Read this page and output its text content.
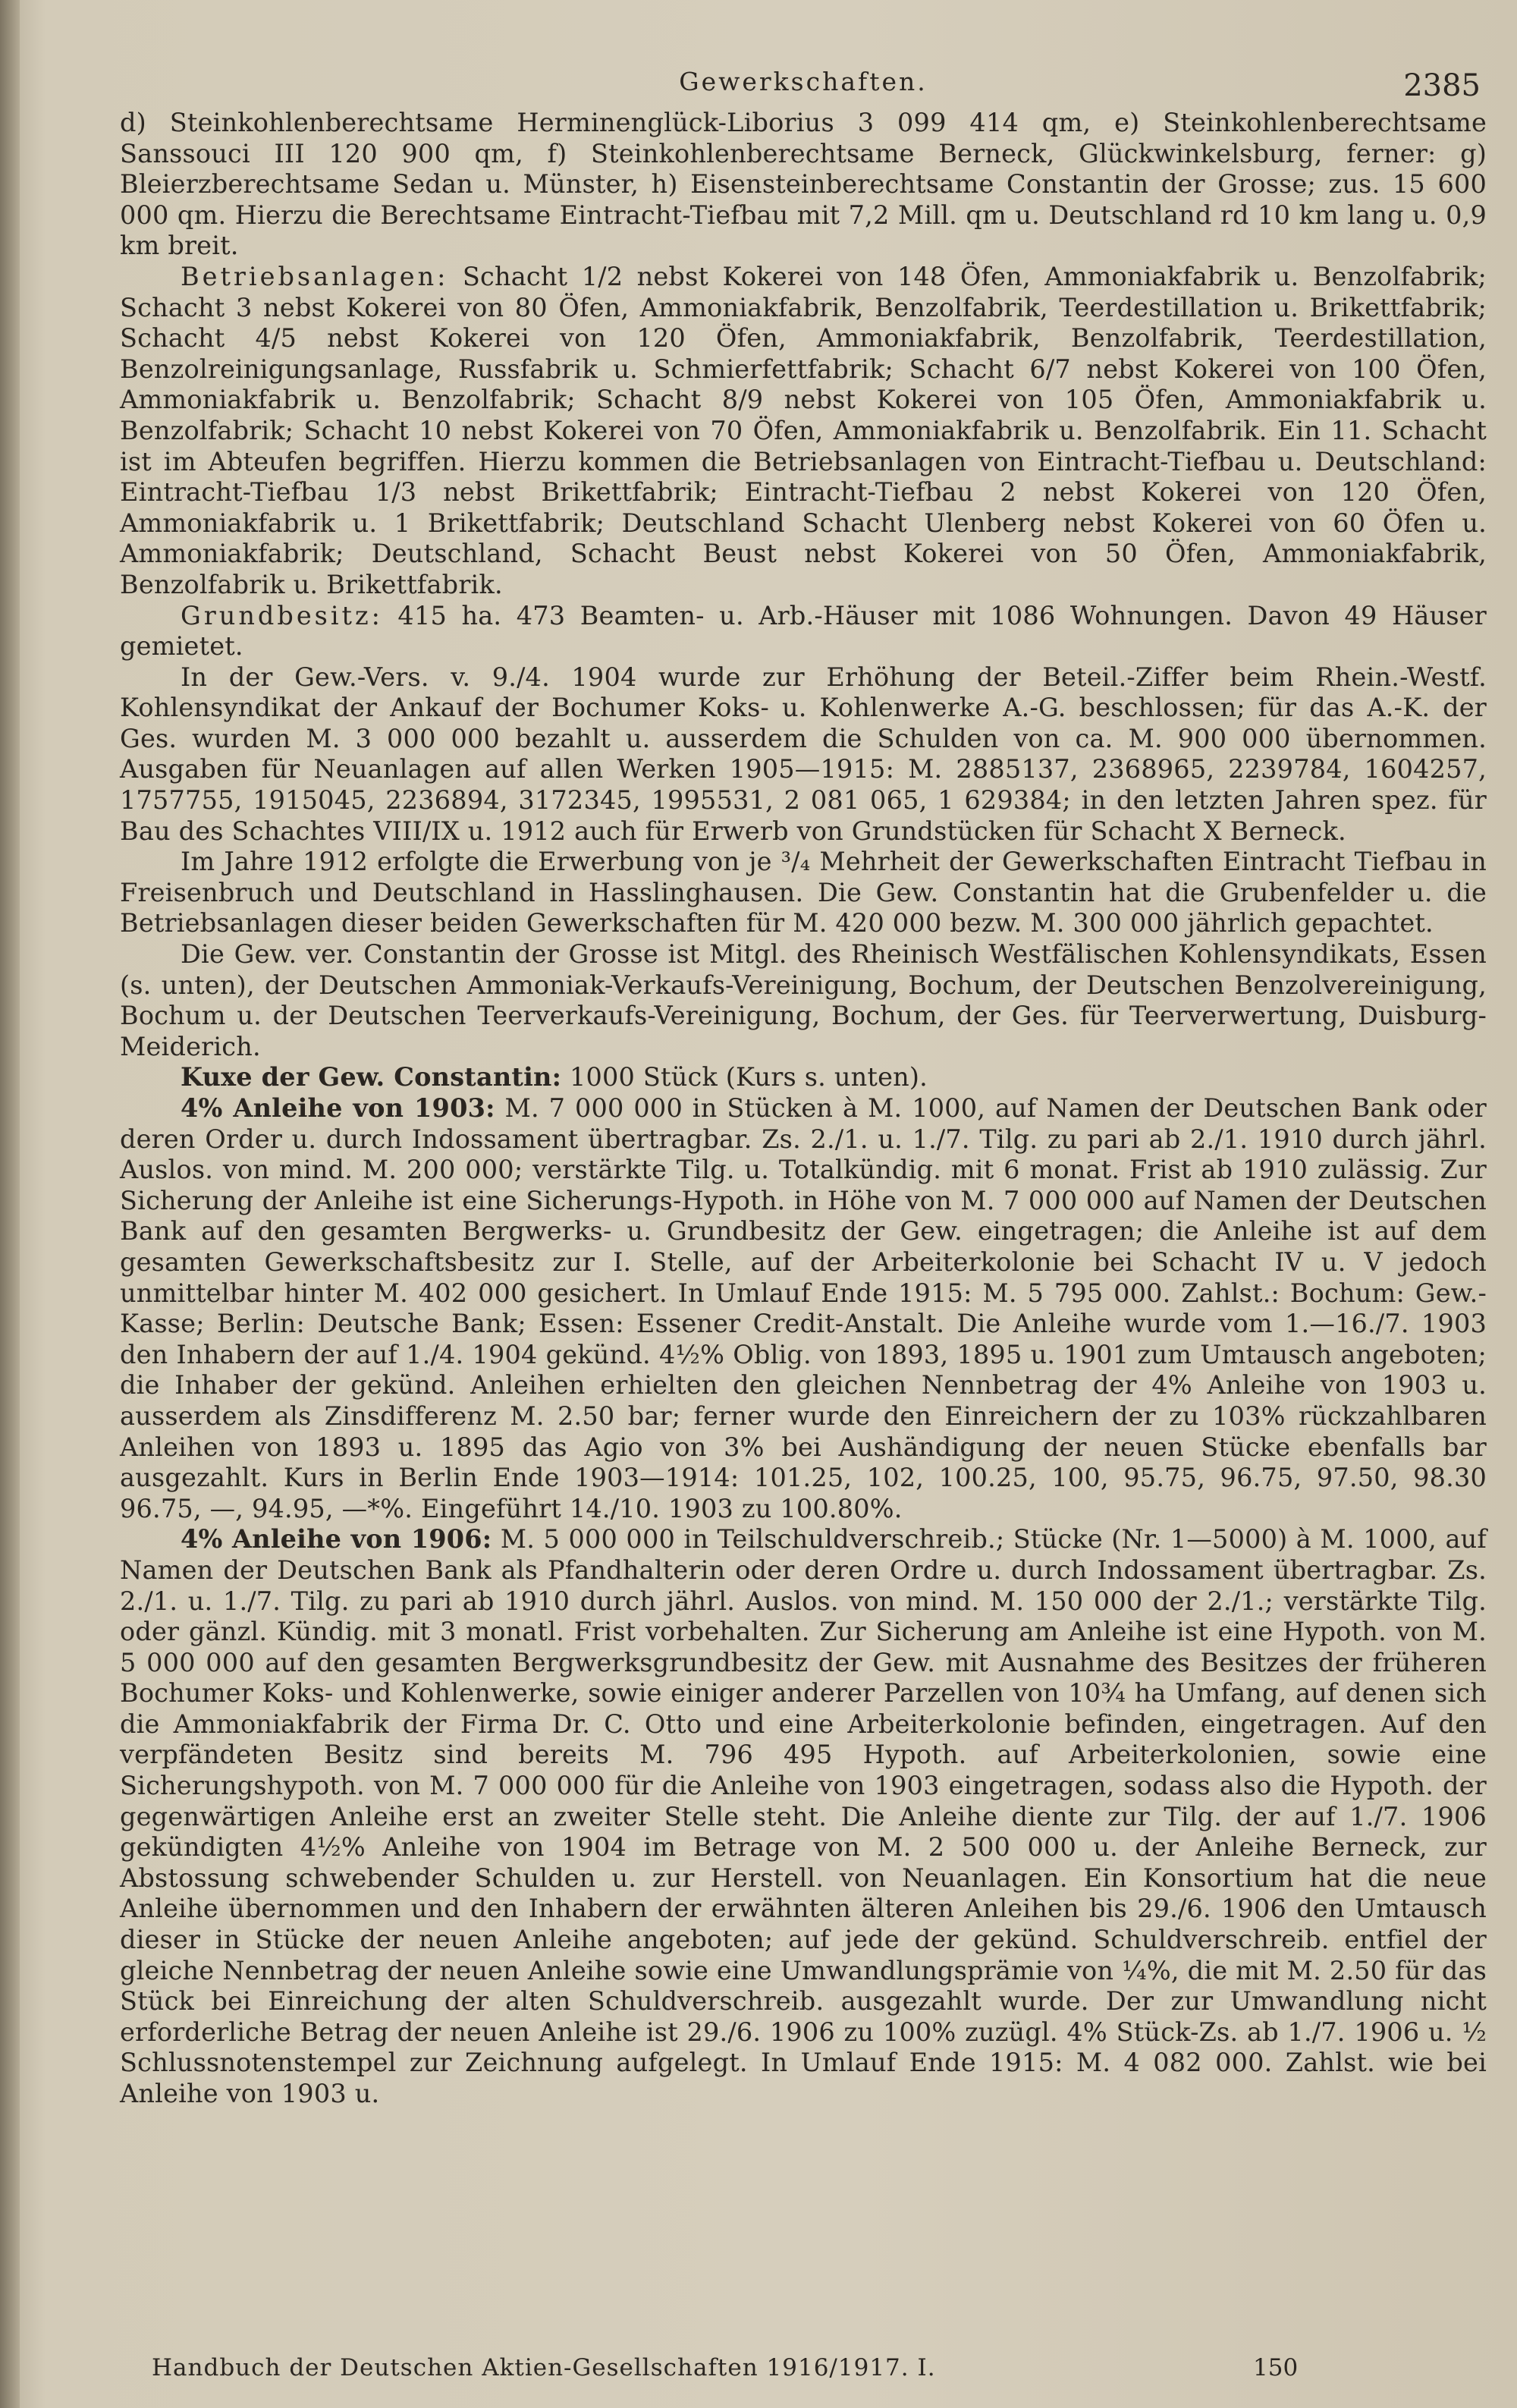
Gewerkschaften.	2385

d) Steinkohlenberechtsame Herminenglück-Liborius 3 099 414 qm, e) Steinkohlenberechtsame Sanssouci III 120 900 qm, f) Steinkohlenberechtsame Berneck, Glückwinkelsburg, ferner: g) Bleierzberechtsame Sedan u. Münster, h) Eisensteinberechtsame Constantin der Grosse; zus. 15 600 000 qm. Hierzu die Berechtsame Eintracht-Tiefbau mit 7,2 Mill. qm u. Deutschland rd 10 km lang u. 0,9 km breit.

Betriebsanlagen: Schacht 1/2 nebst Kokerei von 148 Öfen, Ammoniakfabrik u. Benzolfabrik; Schacht 3 nebst Kokerei von 80 Öfen, Ammoniakfabrik, Benzolfabrik, Teerdestillation u. Brikettfabrik; Schacht 4/5 nebst Kokerei von 120 Öfen, Ammoniakfabrik, Benzolfabrik, Teerdestillation, Benzolreinigungsanlage, Russfabrik u. Schmierfettfabrik; Schacht 6/7 nebst Kokerei von 100 Öfen, Ammoniakfabrik u. Benzolfabrik; Schacht 8/9 nebst Kokerei von 105 Öfen, Ammoniakfabrik u. Benzolfabrik; Schacht 10 nebst Kokerei von 70 Öfen, Ammoniakfabrik u. Benzolfabrik. Ein 11. Schacht ist im Abteufen begriffen. Hierzu kommen die Betriebsanlagen von Eintracht-Tiefbau u. Deutschland: Eintracht-Tiefbau 1/3 nebst Brikettfabrik; Eintracht-Tiefbau 2 nebst Kokerei von 120 Öfen, Ammoniakfabrik u. 1 Brikettfabrik; Deutschland Schacht Ulenberg nebst Kokerei von 60 Öfen u. Ammoniakfabrik; Deutschland, Schacht Beust nebst Kokerei von 50 Öfen, Ammoniakfabrik, Benzolfabrik u. Brikettfabrik.

Grundbesitz: 415 ha. 473 Beamten- u. Arb.-Häuser mit 1086 Wohnungen. Davon 49 Häuser gemietet.

In der Gew.-Vers. v. 9./4. 1904 wurde zur Erhöhung der Beteil.-Ziffer beim Rhein.-Westf. Kohlensyndikat der Ankauf der Bochumer Koks- u. Kohlenwerke A.-G. beschlossen; für das A.-K. der Ges. wurden M. 3 000 000 bezahlt u. ausserdem die Schulden von ca. M. 900 000 übernommen. Ausgaben für Neuanlagen auf allen Werken 1905—1915: M. 2885137, 2368965, 2239784, 1604257, 1757755, 1915045, 2236894, 3172345, 1995531, 2 081 065, 1 629384; in den letzten Jahren spez. für Bau des Schachtes VIII/IX u. 1912 auch für Erwerb von Grundstücken für Schacht X Berneck.

Im Jahre 1912 erfolgte die Erwerbung von je ³/₄ Mehrheit der Gewerkschaften Eintracht Tiefbau in Freisenbruch und Deutschland in Hasslinghausen. Die Gew. Constantin hat die Grubenfelder u. die Betriebsanlagen dieser beiden Gewerkschaften für M. 420 000 bezw. M. 300 000 jährlich gepachtet.

Die Gew. ver. Constantin der Grosse ist Mitgl. des Rheinisch Westfälischen Kohlensyndikats, Essen (s. unten), der Deutschen Ammoniak-Verkaufs-Vereinigung, Bochum, der Deutschen Benzolvereinigung, Bochum u. der Deutschen Teerverkaufs-Vereinigung, Bochum, der Ges. für Teerverwertung, Duisburg-Meiderich.

Kuxe der Gew. Constantin: 1000 Stück (Kurs s. unten).

4% Anleihe von 1903: M. 7 000 000 in Stücken à M. 1000, auf Namen der Deutschen Bank oder deren Order u. durch Indossament übertragbar. Zs. 2./1. u. 1./7. Tilg. zu pari ab 2./1. 1910 durch jährl. Auslos. von mind. M. 200 000; verstärkte Tilg. u. Totalkündig. mit 6 monat. Frist ab 1910 zulässig. Zur Sicherung der Anleihe ist eine Sicherungs-Hypoth. in Höhe von M. 7 000 000 auf Namen der Deutschen Bank auf den gesamten Bergwerks- u. Grundbesitz der Gew. eingetragen; die Anleihe ist auf dem gesamten Gewerkschaftsbesitz zur I. Stelle, auf der Arbeiterkolonie bei Schacht IV u. V jedoch unmittelbar hinter M. 402 000 gesichert. In Umlauf Ende 1915: M. 5 795 000. Zahlst.: Bochum: Gew.-Kasse; Berlin: Deutsche Bank; Essen: Essener Credit-Anstalt. Die Anleihe wurde vom 1.—16./7. 1903 den Inhabern der auf 1./4. 1904 gekünd. 4½% Oblig. von 1893, 1895 u. 1901 zum Umtausch angeboten; die Inhaber der gekünd. Anleihen erhielten den gleichen Nennbetrag der 4% Anleihe von 1903 u. ausserdem als Zinsdifferenz M. 2.50 bar; ferner wurde den Einreichern der zu 103% rückzahlbaren Anleihen von 1893 u. 1895 das Agio von 3% bei Aushändigung der neuen Stücke ebenfalls bar ausgezahlt. Kurs in Berlin Ende 1903—1914: 101.25, 102, 100.25, 100, 95.75, 96.75, 97.50, 98.30 96.75, —, 94.95, —*%. Eingeführt 14./10. 1903 zu 100.80%.

4% Anleihe von 1906: M. 5 000 000 in Teilschuldverschreib.; Stücke (Nr. 1—5000) à M. 1000, auf Namen der Deutschen Bank als Pfandhalterin oder deren Ordre u. durch Indossament übertragbar. Zs. 2./1. u. 1./7. Tilg. zu pari ab 1910 durch jährl. Auslos. von mind. M. 150 000 der 2./1.; verstärkte Tilg. oder gänzl. Kündig. mit 3 monatl. Frist vorbehalten. Zur Sicherung am Anleihe ist eine Hypoth. von M. 5 000 000 auf den gesamten Bergwerksgrundbesitz der Gew. mit Ausnahme des Besitzes der früheren Bochumer Koks- und Kohlenwerke, sowie einiger anderer Parzellen von 10¾ ha Umfang, auf denen sich die Ammoniakfabrik der Firma Dr. C. Otto und eine Arbeiterkolonie befinden, eingetragen. Auf den verpfändeten Besitz sind bereits M. 796 495 Hypoth. auf Arbeiterkolonien, sowie eine Sicherungshypoth. von M. 7 000 000 für die Anleihe von 1903 eingetragen, sodass also die Hypoth. der gegenwärtigen Anleihe erst an zweiter Stelle steht. Die Anleihe diente zur Tilg. der auf 1./7. 1906 gekündigten 4½% Anleihe von 1904 im Betrage von M. 2 500 000 u. der Anleihe Berneck, zur Abstossung schwebender Schulden u. zur Herstell. von Neuanlagen. Ein Konsortium hat die neue Anleihe übernommen und den Inhabern der erwähnten älteren Anleihen bis 29./6. 1906 den Umtausch dieser in Stücke der neuen Anleihe angeboten; auf jede der gekünd. Schuldverschreib. entfiel der gleiche Nennbetrag der neuen Anleihe sowie eine Umwandlungsprämie von ¼%, die mit M. 2.50 für das Stück bei Einreichung der alten Schuldverschreib. ausgezahlt wurde. Der zur Umwandlung nicht erforderliche Betrag der neuen Anleihe ist 29./6. 1906 zu 100% zuzügl. 4% Stück-Zs. ab 1./7. 1906 u. ½ Schlussnotenstempel zur Zeichnung aufgelegt. In Umlauf Ende 1915: M. 4 082 000. Zahlst. wie bei Anleihe von 1903 u.

Handbuch der Deutschen Aktien-Gesellschaften 1916/1917. I.	150
